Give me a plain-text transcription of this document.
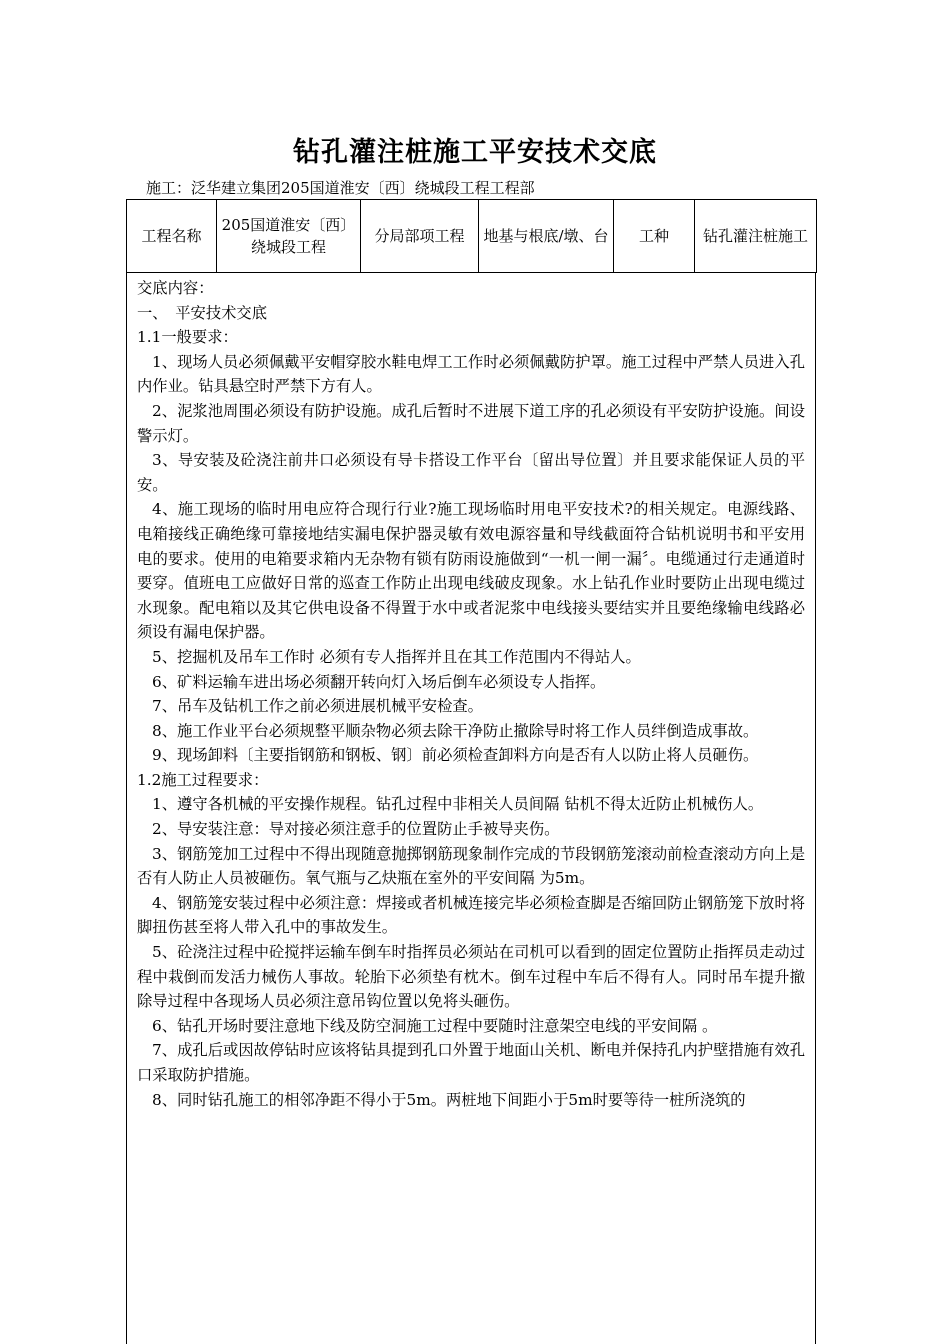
钻孔灌注桩施工平安技术交底
施工：泛华建立集团205国道淮安〔西〕绕城段工程工程部
工程名称	205国道淮安〔西〕绕城段工程	分局部项工程	地基与根底/墩、台	工种	钻孔灌注桩施工

交底内容：

一、　平安技术交底

1.1一般要求：

1、现场人员必须佩戴平安帽穿胶水鞋电焊工工作时必须佩戴防护罩。施工过程中严禁人员进入孔内作业。钻具悬空时严禁下方有人。

2、泥浆池周围必须设有防护设施。成孔后暂时不进展下道工序的孔必须设有平安防护设施。间设警示灯。

3、导安装及砼浇注前井口必须设有导卡搭设工作平台〔留出导位置〕并且要求能保证人员的平安。

4、施工现场的临时用电应符合现行行业?施工现场临时用电平安技术?的相关规定。电源线路、电箱接线正确绝缘可靠接地结实漏电保护器灵敏有效电源容量和导线截面符合钻机说明书和平安用电的要求。使用的电箱要求箱内无杂物有锁有防雨设施做到“一机一闸一漏〞。电缆通过行走通道时要穿。值班电工应做好日常的巡查工作防止出现电线破皮现象。水上钻孔作业时要防止出现电缆过水现象。配电箱以及其它供电设备不得置于水中或者泥浆中电线接头要结实并且要绝缘输电线路必须设有漏电保护器。

5、挖掘机及吊车工作时 必须有专人指挥并且在其工作范围内不得站人。

6、矿料运输车进出场必须翻开转向灯入场后倒车必须设专人指挥。

7、吊车及钻机工作之前必须进展机械平安检查。

8、施工作业平台必须规整平顺杂物必须去除干净防止撤除导时将工作人员绊倒造成事故。

9、现场卸料〔主要指钢筋和钢板、钢〕前必须检查卸料方向是否有人以防止将人员砸伤。

1.2施工过程要求：

1、遵守各机械的平安操作规程。钻孔过程中非相关人员间隔 钻机不得太近防止机械伤人。

2、导安装注意：导对接必须注意手的位置防止手被导夹伤。

3、钢筋笼加工过程中不得出现随意抛掷钢筋现象制作完成的节段钢筋笼滚动前检查滚动方向上是否有人防止人员被砸伤。氧气瓶与乙炔瓶在室外的平安间隔 为5m。

4、钢筋笼安装过程中必须注意：焊接或者机械连接完毕必须检查脚是否缩回防止钢筋笼下放时将脚扭伤甚至将人带入孔中的事故发生。

5、砼浇注过程中砼搅拌运输车倒车时指挥员必须站在司机可以看到的固定位置防止指挥员走动过程中栽倒而发活力械伤人事故。轮胎下必须垫有枕木。倒车过程中车后不得有人。同时吊车提升撤除导过程中各现场人员必须注意吊钩位置以免将头砸伤。

6、钻孔开场时要注意地下线及防空洞施工过程中要随时注意架空电线的平安间隔 。

7、成孔后或因故停钻时应该将钻具提到孔口外置于地面山关机、断电并保持孔内护壁措施有效孔口采取防护措施。

8、同时钻孔施工的相邻净距不得小于5m。两桩地下间距小于5m时要等待一桩所浇筑的
